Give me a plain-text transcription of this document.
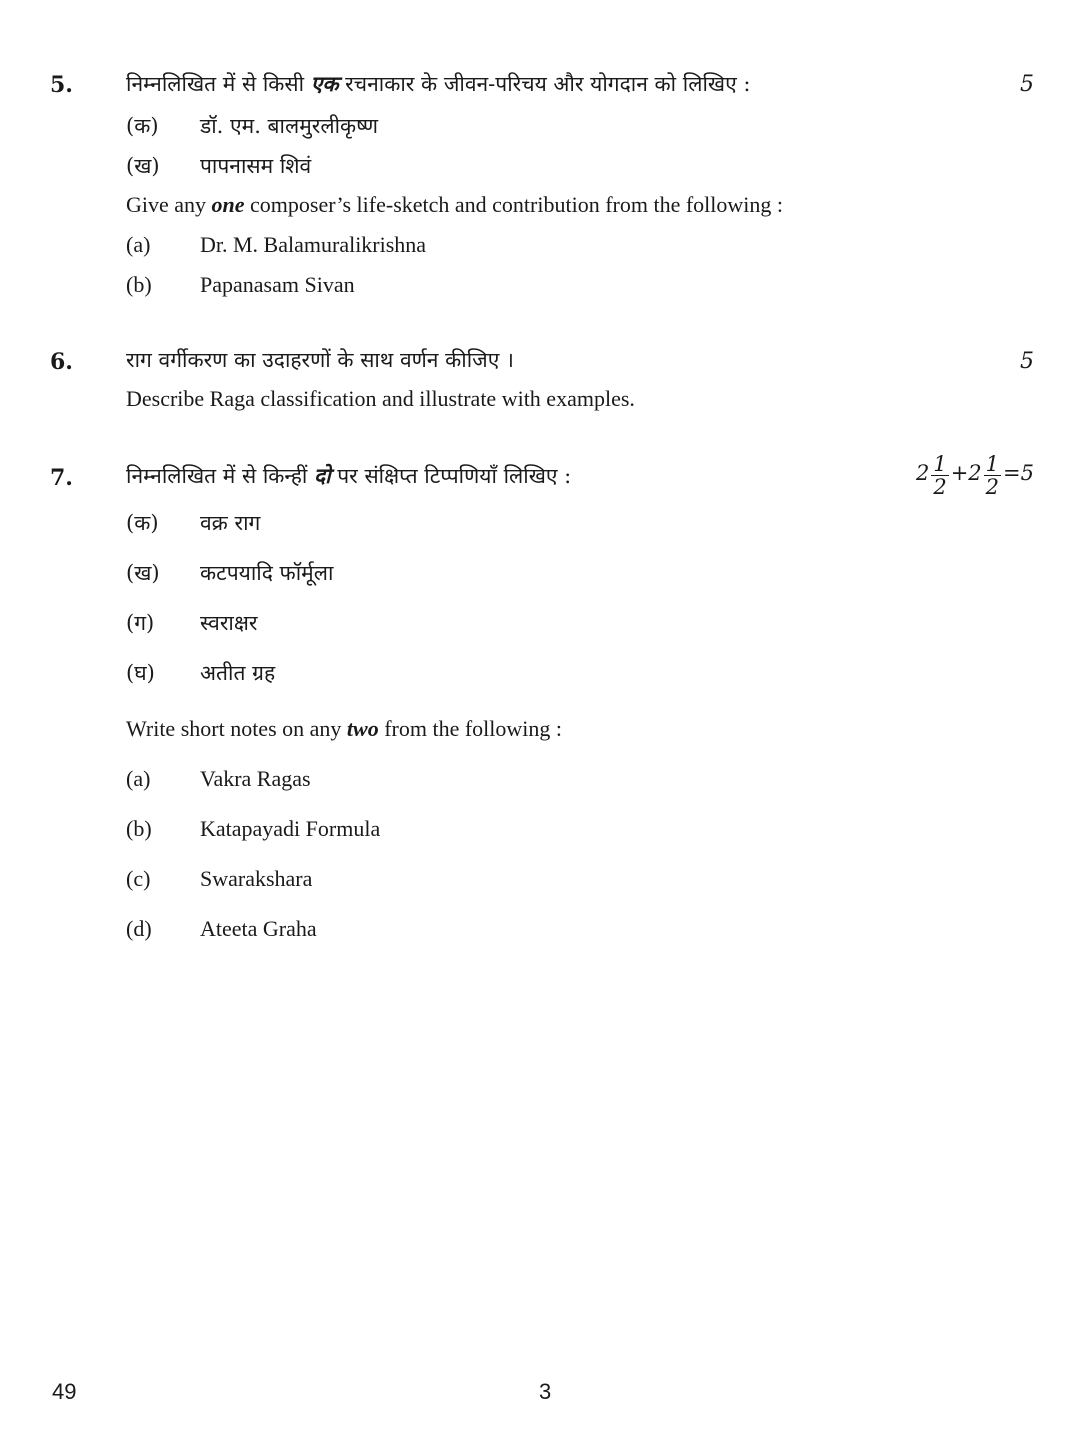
5.	5
निम्नलिखित में से किसी एक रचनाकार के जीवन-परिचय और योगदान को लिखिए :
(क) डॉ. एम. बालमुरलीकृष्ण
(ख) पापनासम शिवं
Give any one composer’s life-sketch and contribution from the following :
(a) Dr. M. Balamuralikrishna
(b) Papanasam Sivan
6.	5
राग वर्गीकरण का उदाहरणों के साथ वर्णन कीजिए ।
Describe Raga classification and illustrate with examples.
7.	$2 \frac{1}{2} +2 \frac{1}{2} =5$
निम्नलिखित में से किन्हीं दो पर संक्षिप्त टिप्पणियाँ लिखिए :
(क) वक्र राग
(ख) कटपयादि फॉर्मूला
(ग) स्वराक्षर
(घ) अतीत ग्रह
Write short notes on any two from the following :
(a) Vakra Ragas
(b) Katapayadi Formula
(c) Swarakshara
(d) Ateeta Graha
49	3
